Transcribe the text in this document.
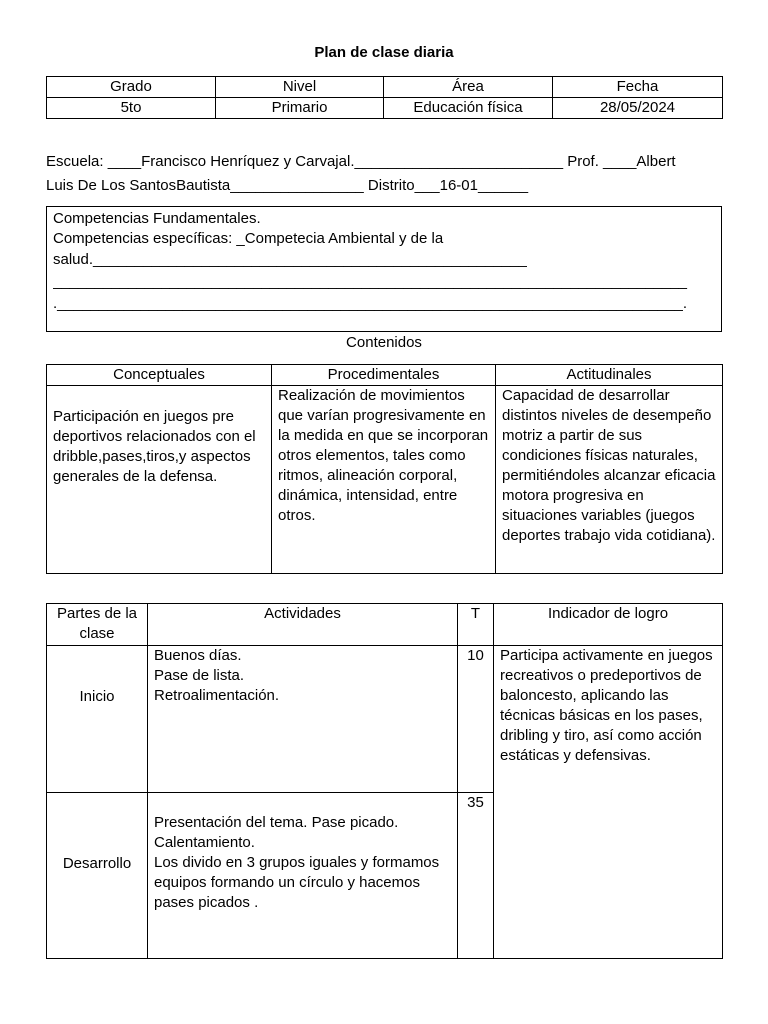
Plan de clase diaria
Grado	Nivel	Área	Fecha
5to	Primario	Educación física	28/05/2024
Escuela: ____Francisco Henríquez y Carvajal._________________________ Prof. ____Albert
Luis De Los SantosBautista________________ Distrito___16-01______
Competencias Fundamentales.
Competencias específicas: _Competecia Ambiental y de la
salud.____________________________________________________
____________________________________________________________________________
.___________________________________________________________________________.
Contenidos
Conceptuales	Procedimentales	Actitudinales
Participación en juegos pre deportivos relacionados con el dribble,pases,tiros,y aspectos generales de la defensa.	Realización de movimientos que varían progresivamente en la medida en que se incorporan otros elementos, tales como ritmos, alineación corporal, dinámica, intensidad, entre otros.	Capacidad de desarrollar distintos niveles de desempeño motriz a partir de sus condiciones físicas naturales, permitiéndoles alcanzar eficacia motora progresiva en situaciones variables (juegos deportes trabajo vida cotidiana).
Partes de la clase	Actividades	T	Indicador de logro
Inicio	Buenos días.
Pase de lista.
Retroalimentación.	10	Participa activamente en juegos recreativos o predeportivos de baloncesto, aplicando las técnicas básicas en los pases, dribling y tiro, así como acción estáticas y defensivas.
Desarrollo	Presentación del tema. Pase picado.
Calentamiento.
Los divido en 3 grupos iguales y formamos equipos formando un círculo y hacemos pases picados .	35	
